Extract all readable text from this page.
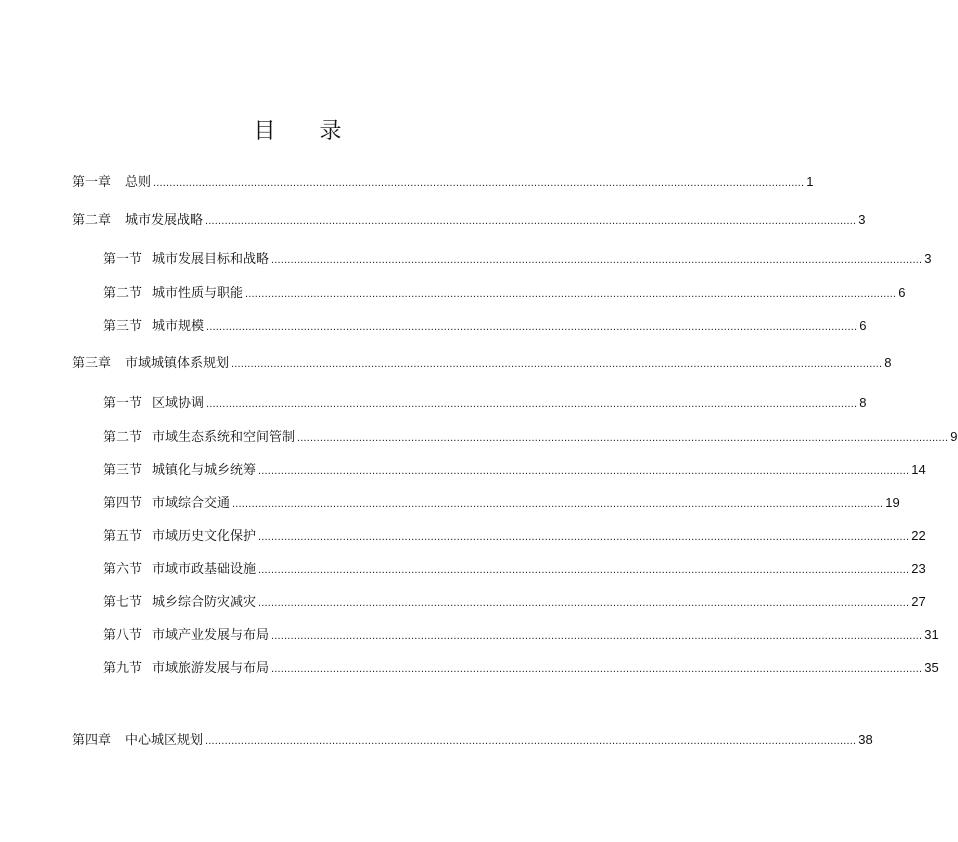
目 录
第一章 总则 ........................................................................................................................................................................................................ 1
第二章 城市发展战略 ........................................................................................................................................................................................................ 3
第一节 城市发展目标和战略 ........................................................................................................................................................................................................ 3
第二节 城市性质与职能 ........................................................................................................................................................................................................ 6
第三节 城市规模 ........................................................................................................................................................................................................ 6
第三章 市域城镇体系规划 ........................................................................................................................................................................................................ 8
第一节 区域协调 ........................................................................................................................................................................................................ 8
第二节 市域生态系统和空间管制 ........................................................................................................................................................................................................ 9
第三节 城镇化与城乡统筹 ........................................................................................................................................................................................................ 14
第四节 市域综合交通 ........................................................................................................................................................................................................ 19
第五节 市域历史文化保护 ........................................................................................................................................................................................................ 22
第六节 市域市政基础设施 ........................................................................................................................................................................................................ 23
第七节 城乡综合防灾减灾 ........................................................................................................................................................................................................ 27
第八节 市域产业发展与布局 ........................................................................................................................................................................................................ 31
第九节 市域旅游发展与布局 ........................................................................................................................................................................................................ 35
第四章 中心城区规划 ........................................................................................................................................................................................................ 38
